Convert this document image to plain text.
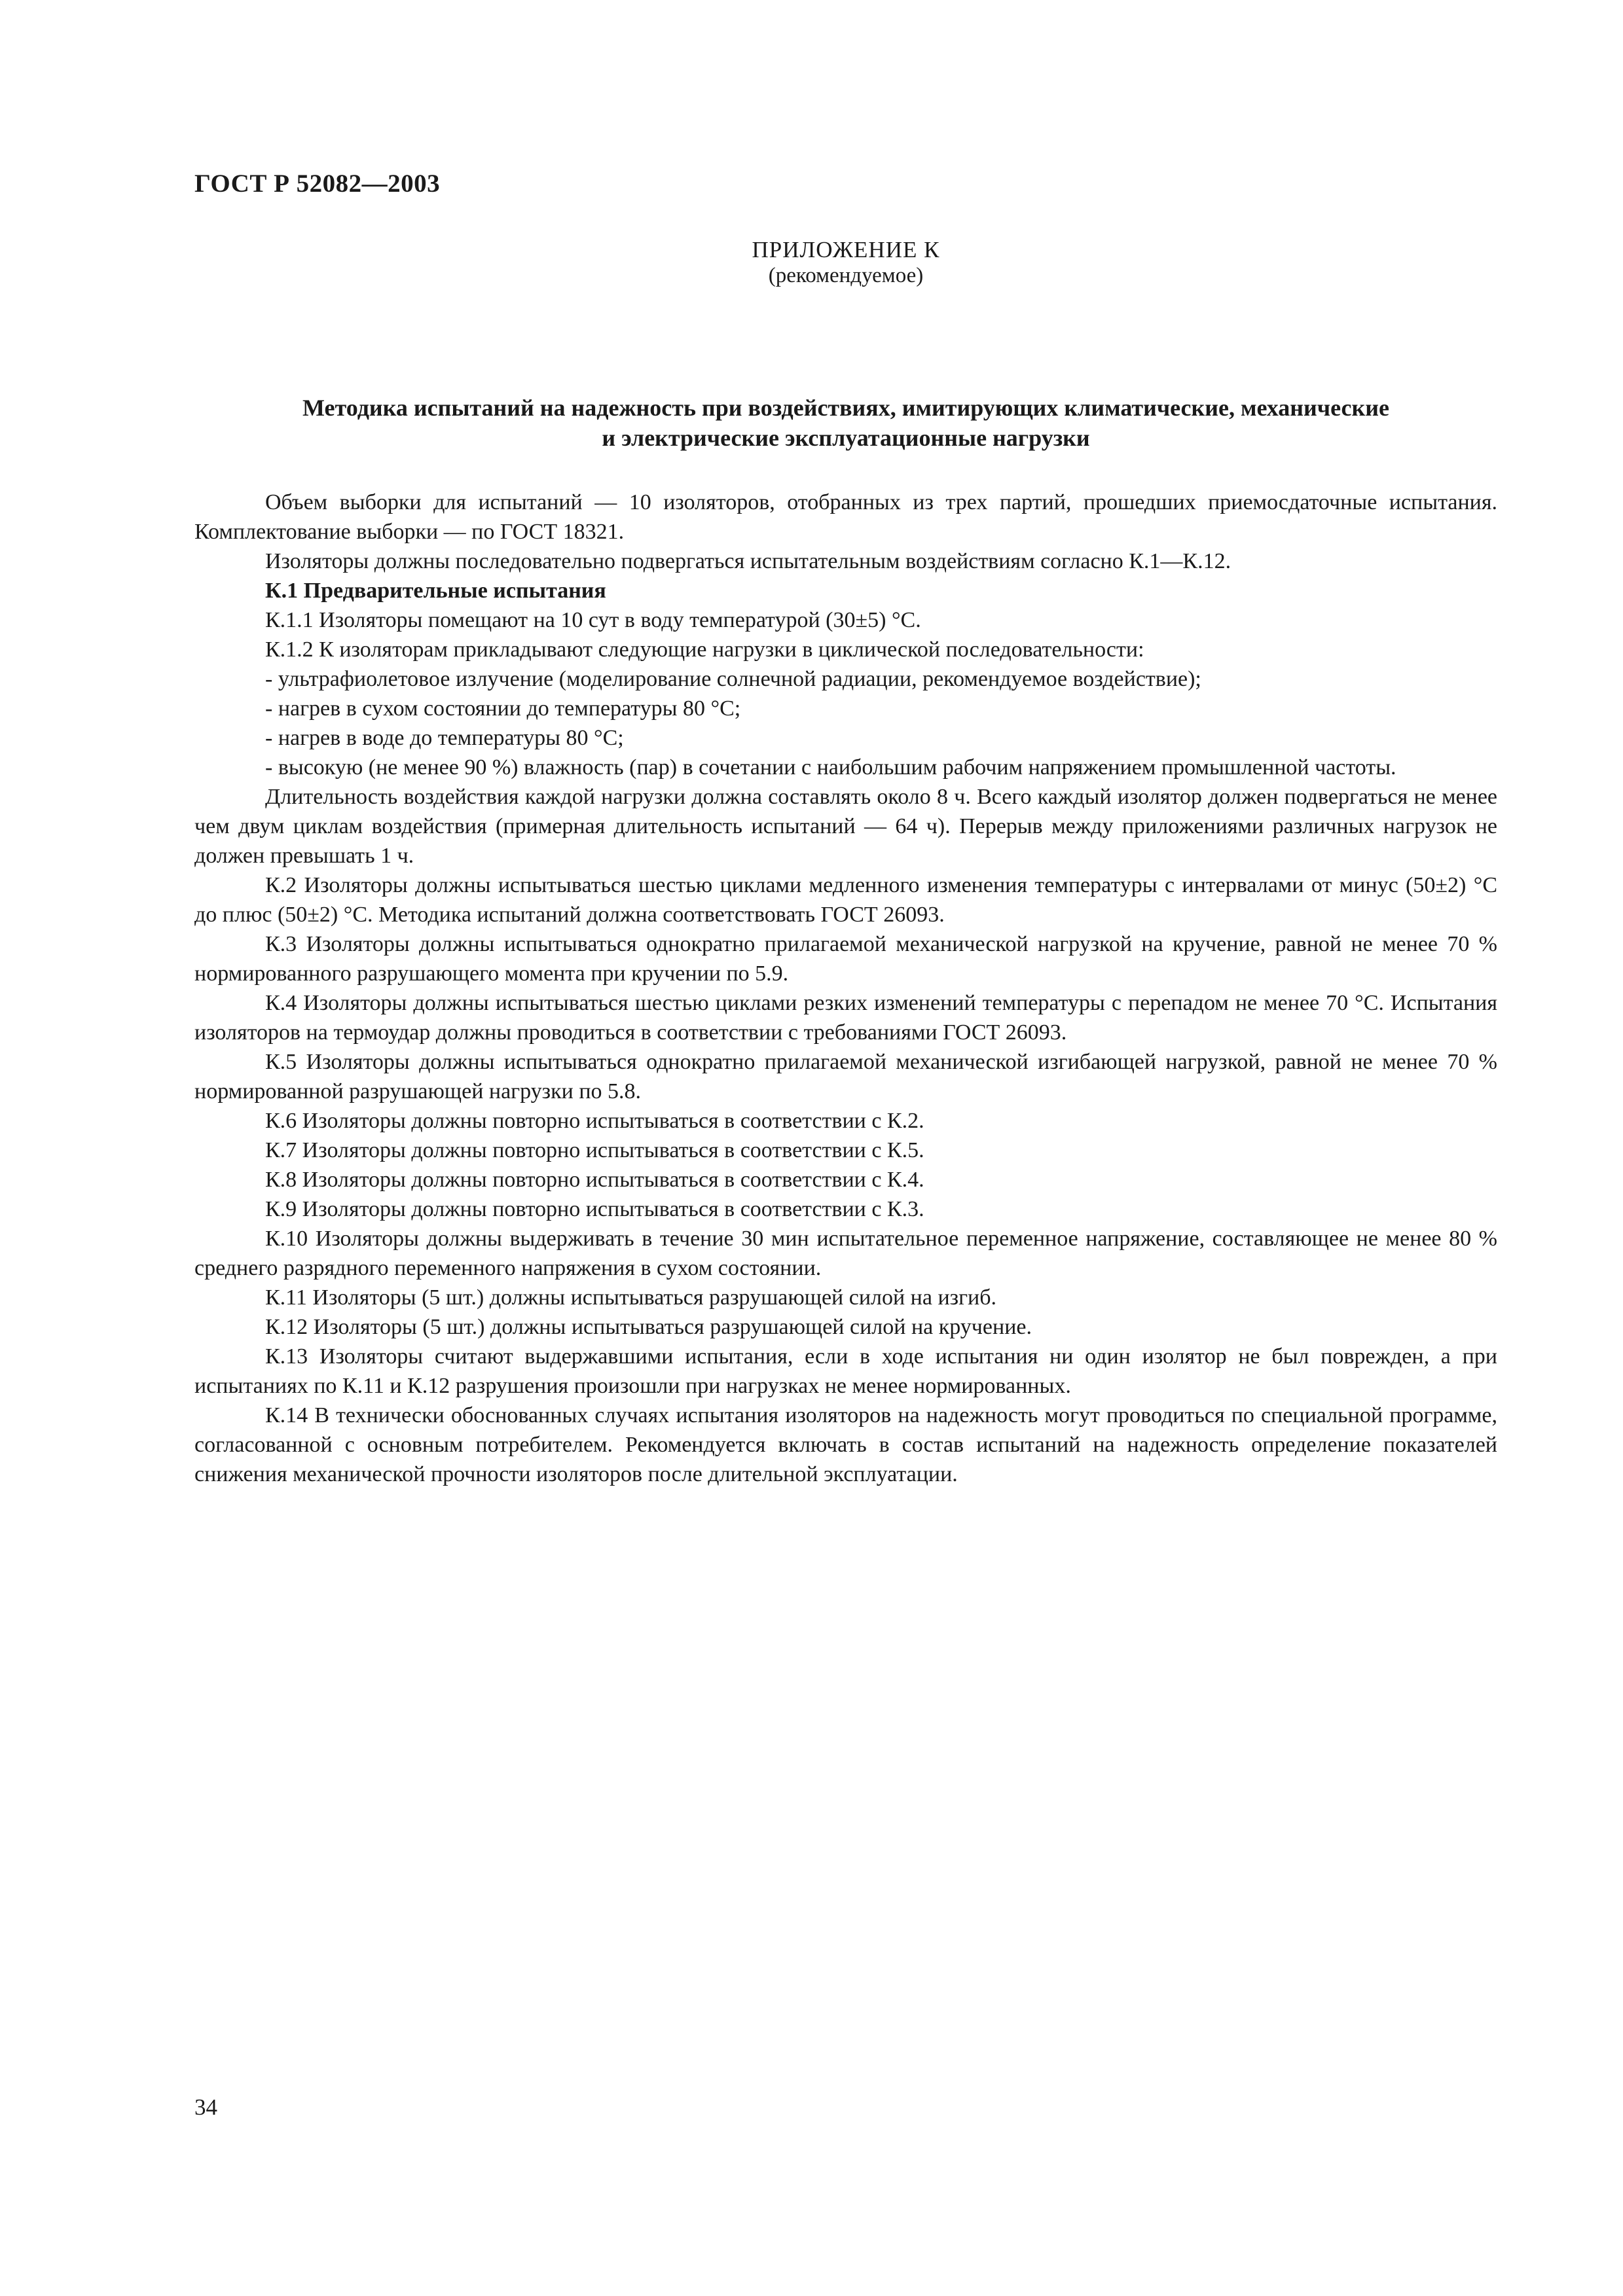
ГОСТ Р 52082—2003
ПРИЛОЖЕНИЕ К
(рекомендуемое)
Методика испытаний на надежность при воздействиях, имитирующих климатические, механические
и электрические эксплуатационные нагрузки

Объем выборки для испытаний — 10 изоляторов, отобранных из трех партий, прошедших приемосдаточные испытания. Комплектование выборки — по ГОСТ 18321.

Изоляторы должны последовательно подвергаться испытательным воздействиям согласно К.1—К.12.

К.1 Предварительные испытания

К.1.1 Изоляторы помещают на 10 сут в воду температурой (30±5) °С.

К.1.2 К изоляторам прикладывают следующие нагрузки в циклической последовательности:

- ультрафиолетовое излучение (моделирование солнечной радиации, рекомендуемое воздействие);

- нагрев в сухом состоянии до температуры 80 °С;

- нагрев в воде до температуры 80 °С;

- высокую (не менее 90 %) влажность (пар) в сочетании с наибольшим рабочим напряжением промышленной частоты.

Длительность воздействия каждой нагрузки должна составлять около 8 ч. Всего каждый изолятор должен подвергаться не менее чем двум циклам воздействия (примерная длительность испытаний — 64 ч). Перерыв между приложениями различных нагрузок не должен превышать 1 ч.

К.2 Изоляторы должны испытываться шестью циклами медленного изменения температуры с интервалами от минус (50±2) °С до плюс (50±2) °С. Методика испытаний должна соответствовать ГОСТ 26093.

К.3 Изоляторы должны испытываться однократно прилагаемой механической нагрузкой на кручение, равной не менее 70 % нормированного разрушающего момента при кручении по 5.9.

К.4 Изоляторы должны испытываться шестью циклами резких изменений температуры с перепадом не менее 70 °С. Испытания изоляторов на термоудар должны проводиться в соответствии с требованиями ГОСТ 26093.

К.5 Изоляторы должны испытываться однократно прилагаемой механической изгибающей нагрузкой, равной не менее 70 % нормированной разрушающей нагрузки по 5.8.

К.6 Изоляторы должны повторно испытываться в соответствии с К.2.

К.7 Изоляторы должны повторно испытываться в соответствии с К.5.

К.8 Изоляторы должны повторно испытываться в соответствии с К.4.

К.9 Изоляторы должны повторно испытываться в соответствии с К.3.

К.10 Изоляторы должны выдерживать в течение 30 мин испытательное переменное напряжение, составляющее не менее 80 % среднего разрядного переменного напряжения в сухом состоянии.

К.11 Изоляторы (5 шт.) должны испытываться разрушающей силой на изгиб.

К.12 Изоляторы (5 шт.) должны испытываться разрушающей силой на кручение.

К.13 Изоляторы считают выдержавшими испытания, если в ходе испытания ни один изолятор не был поврежден, а при испытаниях по К.11 и К.12 разрушения произошли при нагрузках не менее нормированных.

К.14 В технически обоснованных случаях испытания изоляторов на надежность могут проводиться по специальной программе, согласованной с основным потребителем. Рекомендуется включать в состав испытаний на надежность определение показателей снижения механической прочности изоляторов после длительной эксплуатации.

34
